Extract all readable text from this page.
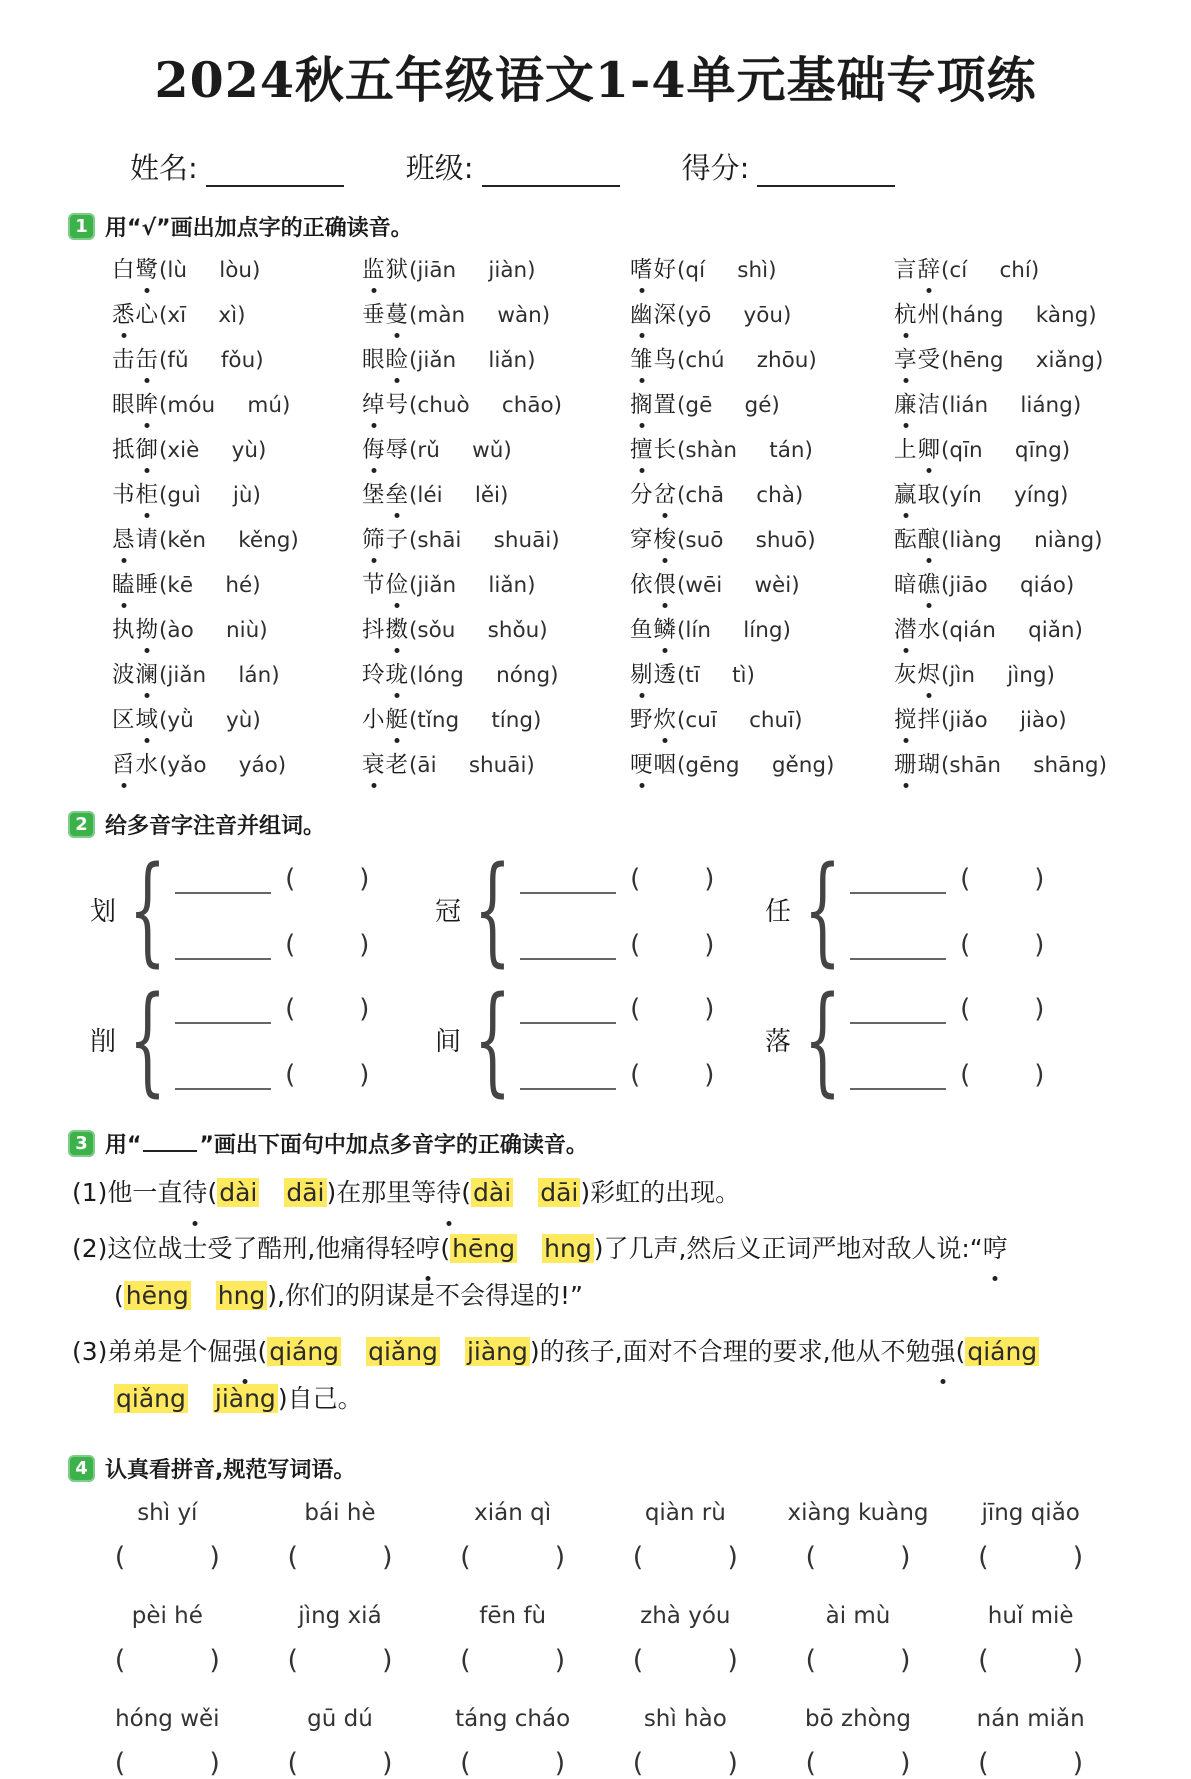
2024秋五年级语文1-4单元基础专项练
姓名:	班级:	得分:
1 用“√”画出加点字的正确读音。
白鹭(lù   lòu)	监狱(jiān   jiàn)	嗜好(qí   shì)	言辞(cí   chí)
悉心(xī   xì)	垂蔓(màn   wàn)	幽深(yō   yōu)	杭州(háng   kàng)
击缶(fǔ   fǒu)	眼睑(jiǎn   liǎn)	雏鸟(chú   zhōu)	享受(hēng   xiǎng)
眼眸(móu   mú)	绰号(chuò   chāo)	搁置(gē   gé)	廉洁(lián   liáng)
抵御(xiè   yù)	侮辱(rǔ   wǔ)	擅长(shàn   tán)	上卿(qīn   qīng)
书柜(guì   jù)	堡垒(léi   lěi)	分岔(chā   chà)	赢取(yín   yíng)
恳请(kěn   kěng)	筛子(shāi   shuāi)	穿梭(suō   shuō)	酝酿(liàng   niàng)
瞌睡(kē   hé)	节俭(jiǎn   liǎn)	依偎(wēi   wèi)	暗礁(jiāo   qiáo)
执拗(ào   niù)	抖擞(sǒu   shǒu)	鱼鳞(lín   líng)	潜水(qián   qiǎn)
波澜(jiǎn   lán)	玲珑(lóng   nóng)	剔透(tī   tì)	灰烬(jìn   jìng)
区域(yǜ   yù)	小艇(tǐng   tíng)	野炊(cuī   chuī)	搅拌(jiǎo   jiào)
舀水(yǎo   yáo)	衰老(āi   shuāi)	哽咽(gēng   gěng)	珊瑚(shān   shāng)
2 给多音字注音并组词。
划 {	( )
( )
冠 {	( )
( )
任 {	( )
( )
削 {	( )
( )
间 {	( )
( )
落 {	( )
( )
3 用“	”画出下面句中加点多音字的正确读音。
(1)他一直待(dài　 dāi)在那里等待(dài　 dāi)彩虹的出现。
(2)这位战士受了酷刑,他痛得轻哼(hēng　 hng)了几声,然后义正词严地对敌人说:“哼
(hēng　 hng),你们的阴谋是不会得逞的!”
(3)弟弟是个倔强(qiáng　 qiǎng　 jiàng)的孩子,面对不合理的要求,他从不勉强(qiáng
qiǎng　 jiàng)自己。
4 认真看拼音,规范写词语。
shì yí
(	)
bái hè
(	)
xián qì
(	)
qiàn rù
(	)
xiàng kuàng
(	)
jīng qiǎo
(	)
pèi hé
(	)
jìng xiá
(	)
fēn fù
(	)
zhà yóu
(	)
ài mù
(	)
huǐ miè
(	)
hóng wěi
(	)
gū dú
(	)
táng cháo
(	)
shì hào
(	)
bō zhòng
(	)
nán miǎn
(	)
